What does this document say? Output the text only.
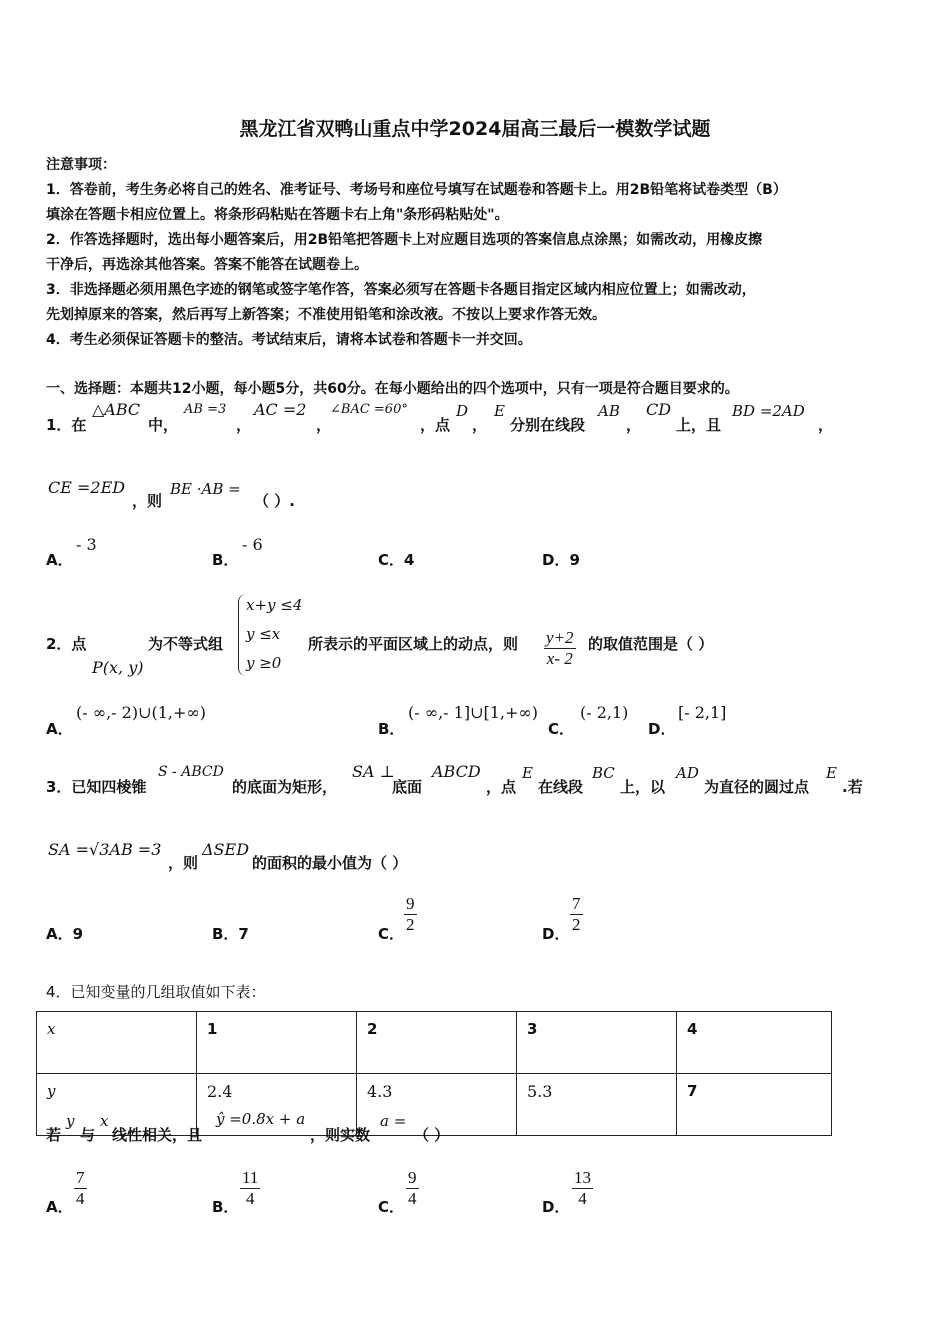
黑龙江省双鸭山重点中学2024届高三最后一模数学试题
注意事项：
1．答卷前，考生务必将自己的姓名、准考证号、考场号和座位号填写在试题卷和答题卡上。用2B铅笔将试卷类型（B）
填涂在答题卡相应位置上。将条形码粘贴在答题卡右上角"条形码粘贴处"。
2．作答选择题时，选出每小题答案后，用2B铅笔把答题卡上对应题目选项的答案信息点涂黑；如需改动，用橡皮擦
干净后，再选涂其他答案。答案不能答在试题卷上。
3．非选择题必须用黑色字迹的钢笔或签字笔作答，答案必须写在答题卡各题目指定区域内相应位置上；如需改动，
先划掉原来的答案，然后再写上新答案；不准使用铅笔和涂改液。不按以上要求作答无效。
4．考生必须保证答题卡的整洁。考试结束后，请将本试卷和答题卡一并交回。
一、选择题：本题共12小题，每小题5分，共60分。在每小题给出的四个选项中，只有一项是符合题目要求的。
1．在
△ABC
中，
AB =3
，
AC =2
，
∠BAC =60°
，点
D
，
E
分别在线段
AB
，
CD
上，且
BD =2AD
，
CE =2ED
，则
BE ·AB =
（ ）.
A．
- 3
B．
- 6
C．4	D．9
2．点
P(x, y)
为不等式组
x+y ≤4
y ≤x
y ≥0
所表示的平面区域上的动点，则 $\frac{y+2}{x- 2}$ 的取值范围是（ ）
A．
(- ∞,- 2)∪(1,+∞)
B．
(- ∞,- 1]∪[1,+∞)
C．
(- 2,1)
D．
[- 2,1]
3．已知四棱锥
S - ABCD
的底面为矩形，
SA ⊥
底面
ABCD
，点
E
在线段
BC
上，以
AD
为直径的圆过点
E
.若
SA =√3AB =3
，则
ΔSED
的面积的最小值为（ ）
A．9	B．7	C． $\frac{9}{2}$	D． $\frac{7}{2}$
4．已知变量的几组取值如下表：
x	1	2	3	4
y	2.4	4.3	5.3	7
若
y
与
x
线性相关，且
ŷ =0.8x + a
，则实数
a =
（ ）
A． $\frac{7}{4}$	B． $\frac{11}{4}$	C． $\frac{9}{4}$	D． $\frac{13}{4}$
